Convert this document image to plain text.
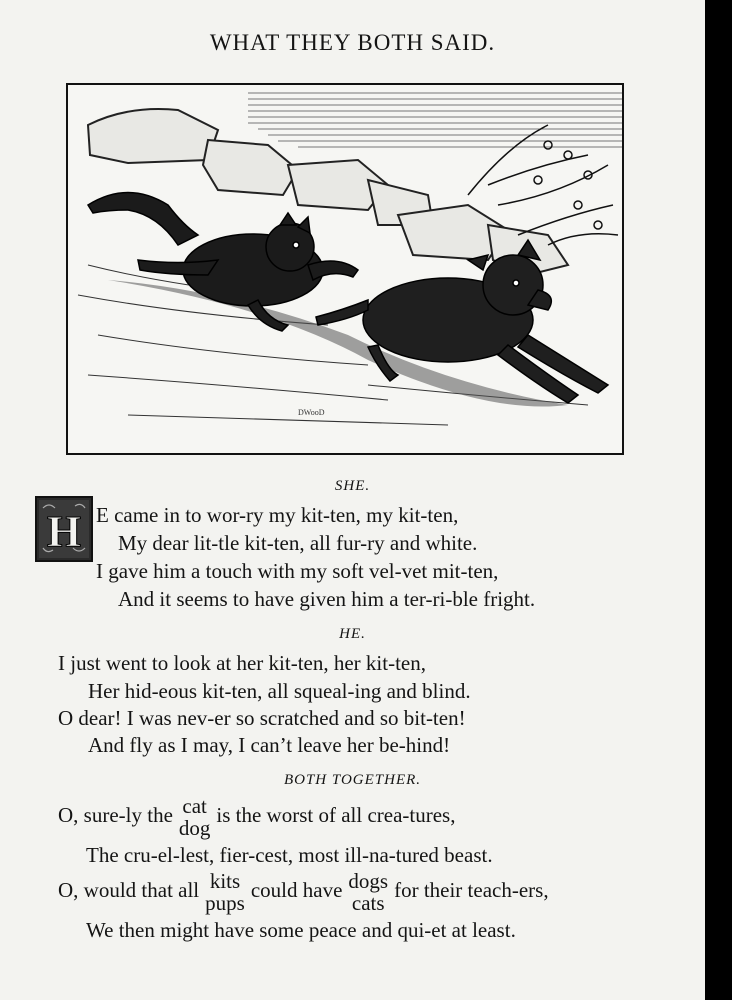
WHAT THEY BOTH SAID.
DWooD
SHE.
H E came in to wor-ry my kit-ten, my kit-ten,
My dear lit-tle kit-ten, all fur-ry and white.
I gave him a touch with my soft vel-vet mit-ten,
And it seems to have given him a ter-ri-ble fright.
HE.
I just went to look at her kit-ten, her kit-ten,
Her hid-eous kit-ten, all squeal-ing and blind.
O dear! I was nev-er so scratched and so bit-ten!
And fly as I may, I can’t leave her be-hind!
BOTH TOGETHER.
O, sure-ly the cat
dog
is the worst of all crea-tures,
The cru-el-lest, fier-cest, most ill-na-tured beast.
O, would that all kits
pups
could have dogs
cats
for their teach-ers,
We then might have some peace and qui-et at least.
